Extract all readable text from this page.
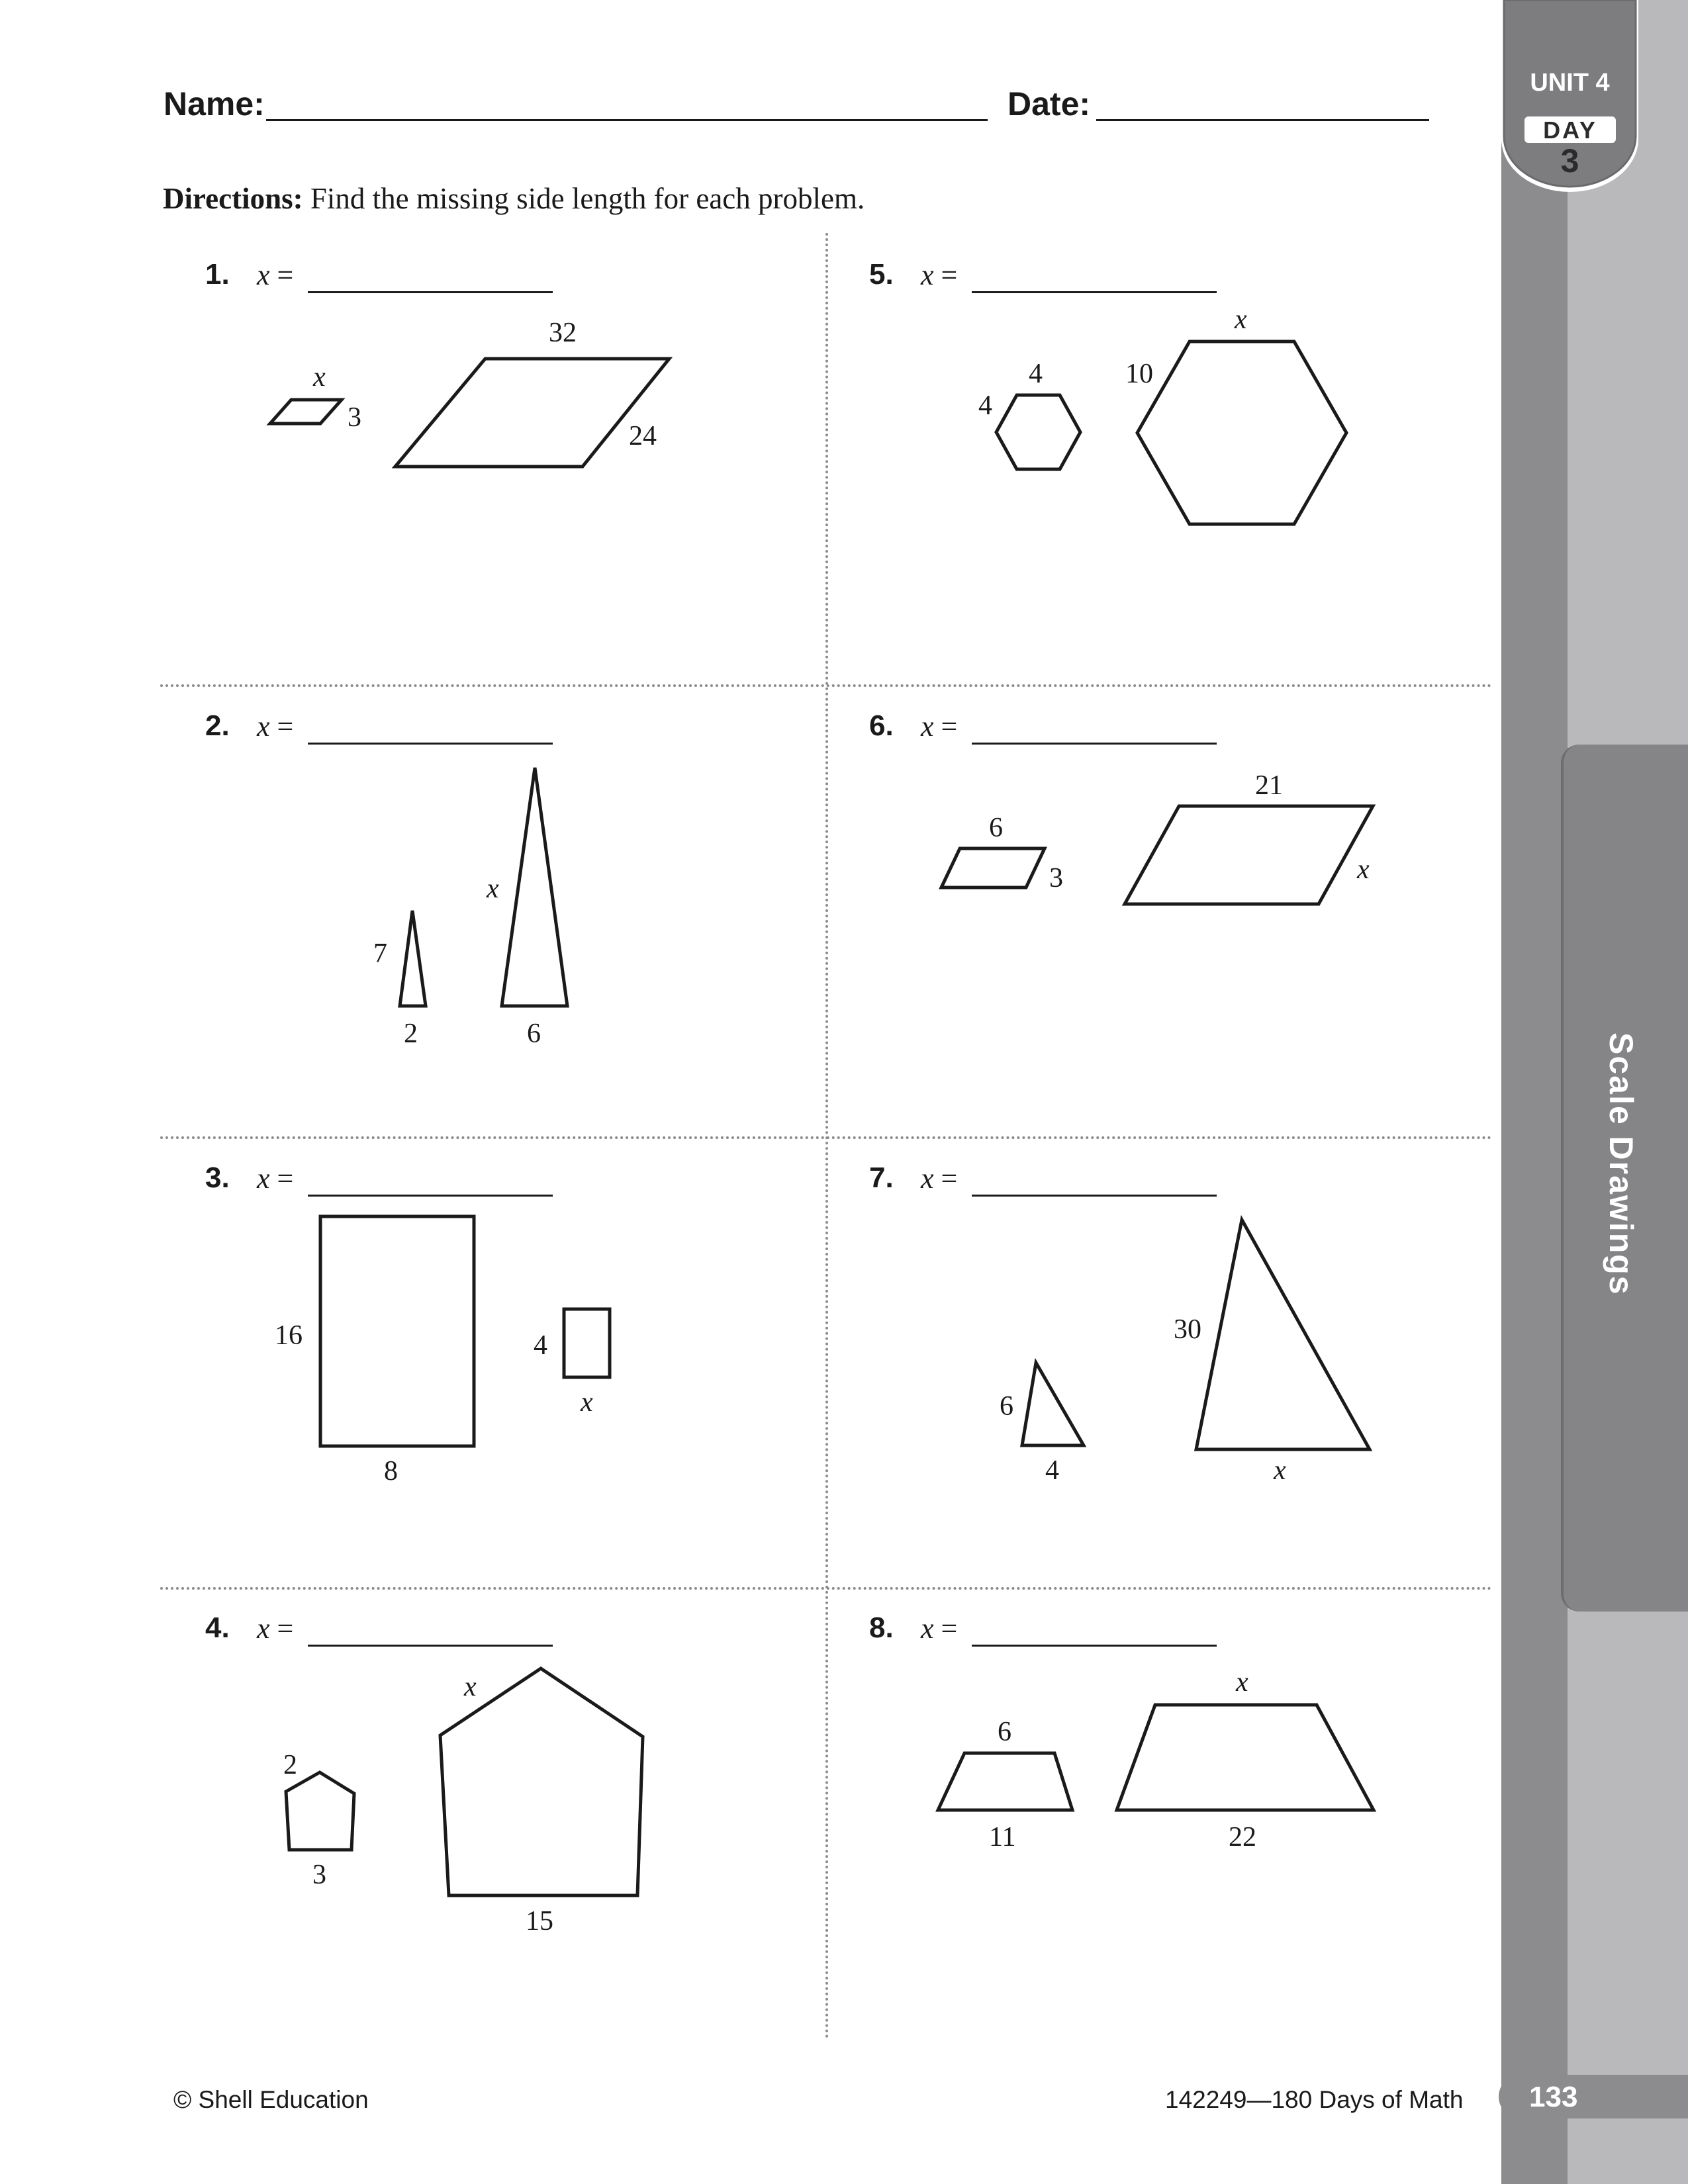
UNIT 4
DAY
3
Scale Drawings
Name:	Date:
Directions: Find the missing side length for each problem.
1. x =
2. x =
3. x =
4. x =
5. x =
6. x =
7. x =
8. x =
x
3
32
24
7
2
x
6
16
8
4
x
2
3
x
15
4
4
x
10
6
3
21
x
6
4
30
x
6
11
x
22
© Shell Education	142249—180 Days of Math 133
